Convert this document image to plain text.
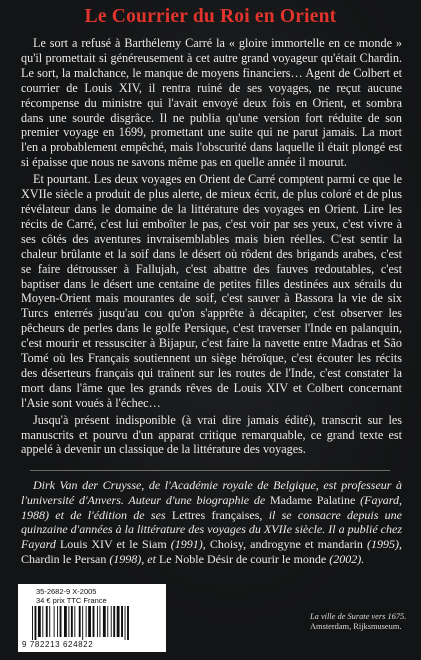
Le Courrier du Roi en Orient

Le sort a refusé à Barthélemy Carré la « gloire immortelle en ce monde » qu'il promettait si généreusement à cet autre grand voyageur qu'était Chardin. Le sort, la malchance, le manque de moyens financiers… Agent de Colbert et courrier de Louis XIV, il rentra ruiné de ses voyages, ne reçut aucune récompense du ministre qui l'avait envoyé deux fois en Orient, et sombra dans une sourde disgrâce. Il ne publia qu'une version fort réduite de son premier voyage en 1699, promettant une suite qui ne parut jamais. La mort l'en a probablement empêché, mais l'obscurité dans laquelle il était plongé est si épaisse que nous ne savons même pas en quelle année il mourut.

Et pourtant. Les deux voyages en Orient de Carré comptent parmi ce que le XVIIe siècle a produit de plus alerte, de mieux écrit, de plus coloré et de plus révélateur dans le domaine de la littérature des voyages en Orient. Lire les récits de Carré, c'est lui emboîter le pas, c'est voir par ses yeux, c'est vivre à ses côtés des aventures invraisemblables mais bien réelles. C'est sentir la chaleur brûlante et la soif dans le désert où rôdent des brigands arabes, c'est se faire détrousser à Fallujah, c'est abattre des fauves redoutables, c'est baptiser dans le désert une centaine de petites filles destinées aux sérails du Moyen-Orient mais mourantes de soif, c'est sauver à Bassora la vie de six Turcs enterrés jusqu'au cou qu'on s'apprête à décapiter, c'est observer les pêcheurs de perles dans le golfe Persique, c'est traverser l'Inde en palanquin, c'est mourir et ressusciter à Bijapur, c'est faire la navette entre Madras et São Tomé où les Français soutiennent un siège héroïque, c'est écouter les récits des déserteurs français qui traînent sur les routes de l'Inde, c'est constater la mort dans l'âme que les grands rêves de Louis XIV et Colbert concernant l'Asie sont voués à l'échec…

Jusqu'à présent indisponible (à vrai dire jamais édité), transcrit sur les manuscrits et pourvu d'un apparat critique remarquable, ce grand texte est appelé à devenir un classique de la littérature des voyages.

Dirk Van der Cruysse, de l'Académie royale de Belgique, est professeur à l'université d'Anvers. Auteur d'une biographie de Madame Palatine (Fayard, 1988) et de l'édition de ses Lettres françaises, il se consacre depuis une quinzaine d'années à la littérature des voyages du XVIIe siècle. Il a publié chez Fayard Louis XIV et le Siam (1991), Choisy, androgyne et mandarin (1995), Chardin le Persan (1998), et Le Noble Désir de courir le monde (2002).
35-2682-9 X-2005
34 € prix TTC France
9 782213 624822
La ville de Surate vers 1675.
Amsterdam, Rijksmuseum.
